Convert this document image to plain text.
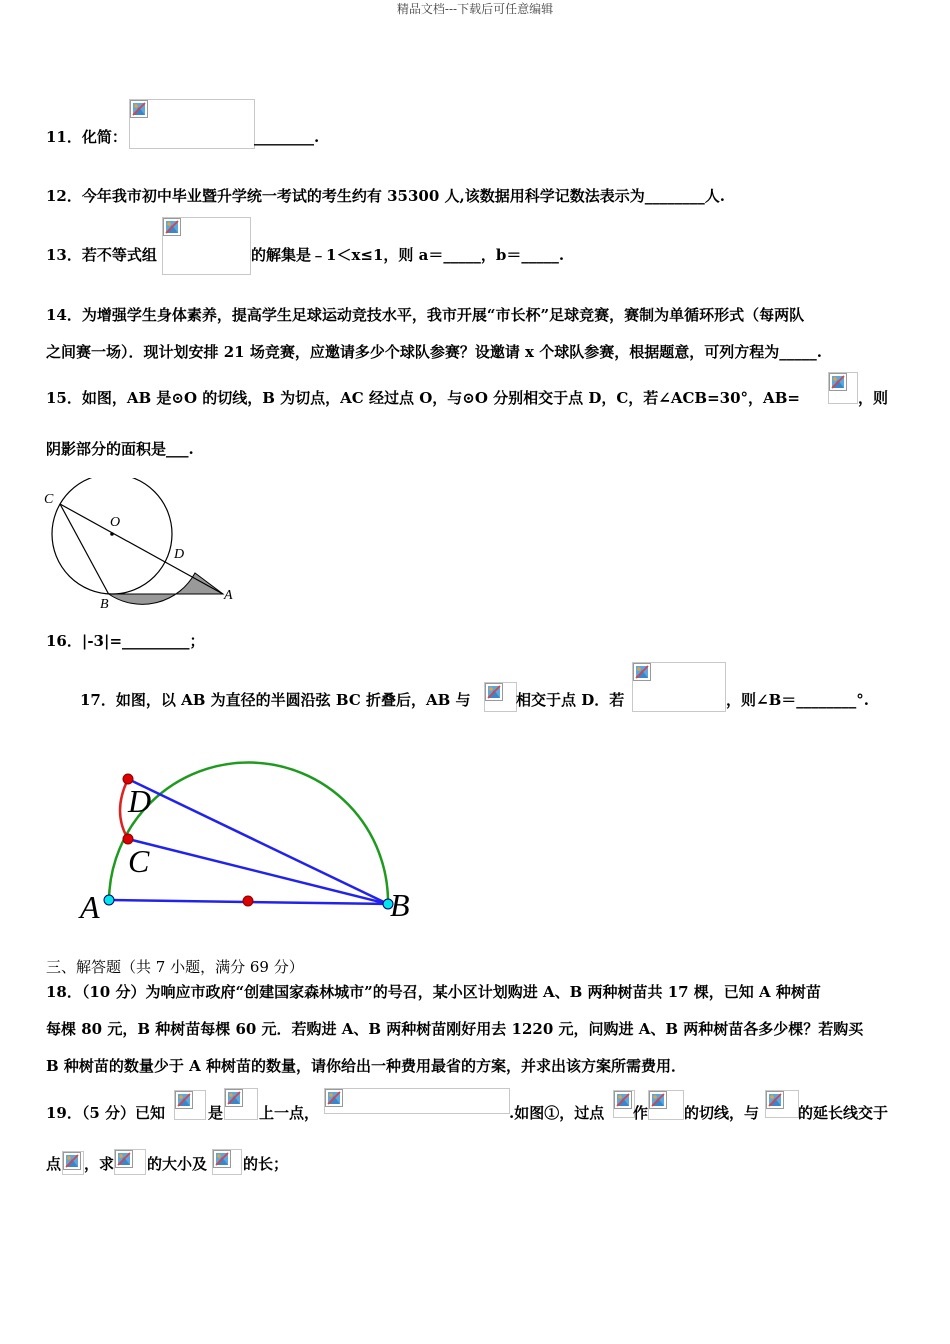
精品文档---下载后可任意编辑
11．化简：	________.
12．今年我市初中毕业暨升学统一考试的考生约有 35300 人,该数据用科学记数法表示为________人.
13．若不等式组	的解集是﹣1＜x≤1，则 a＝_____，b＝_____.
14．为增强学生身体素养，提高学生足球运动竞技水平，我市开展“市长杯”足球竞赛，赛制为单循环形式（每两队
之间赛一场）．现计划安排 21 场竞赛，应邀请多少个球队参赛？设邀请 x 个球队参赛，根据题意，可列方程为_____.
15．如图，AB 是⊙O 的切线，B 为切点，AC 经过点 O，与⊙O 分别相交于点 D，C，若∠ACB=30°，AB=	，则
阴影部分的面积是___.
C
O
D
B
A
16．|-3|=_________；
17．如图，以 AB 为直径的半圆沿弦 BC 折叠后，AB 与	相交于点 D．若	，则∠B＝________°.
D
C
A	B
三、解答题（共 7 小题，满分 69 分）
18．（10 分）为响应市政府“创建国家森林城市”的号召，某小区计划购进 A、B 两种树苗共 17 棵，已知 A 种树苗
每棵 80 元，B 种树苗每棵 60 元．若购进 A、B 两种树苗刚好用去 1220 元，问购进 A、B 两种树苗各多少棵？若购买
B 种树苗的数量少于 A 种树苗的数量，请你给出一种费用最省的方案，并求出该方案所需费用．
19．（5 分）已知	是 上一点，	.如图①，过点 作 的切线，与	的延长线交于
点 ，求 的大小及 的长；
